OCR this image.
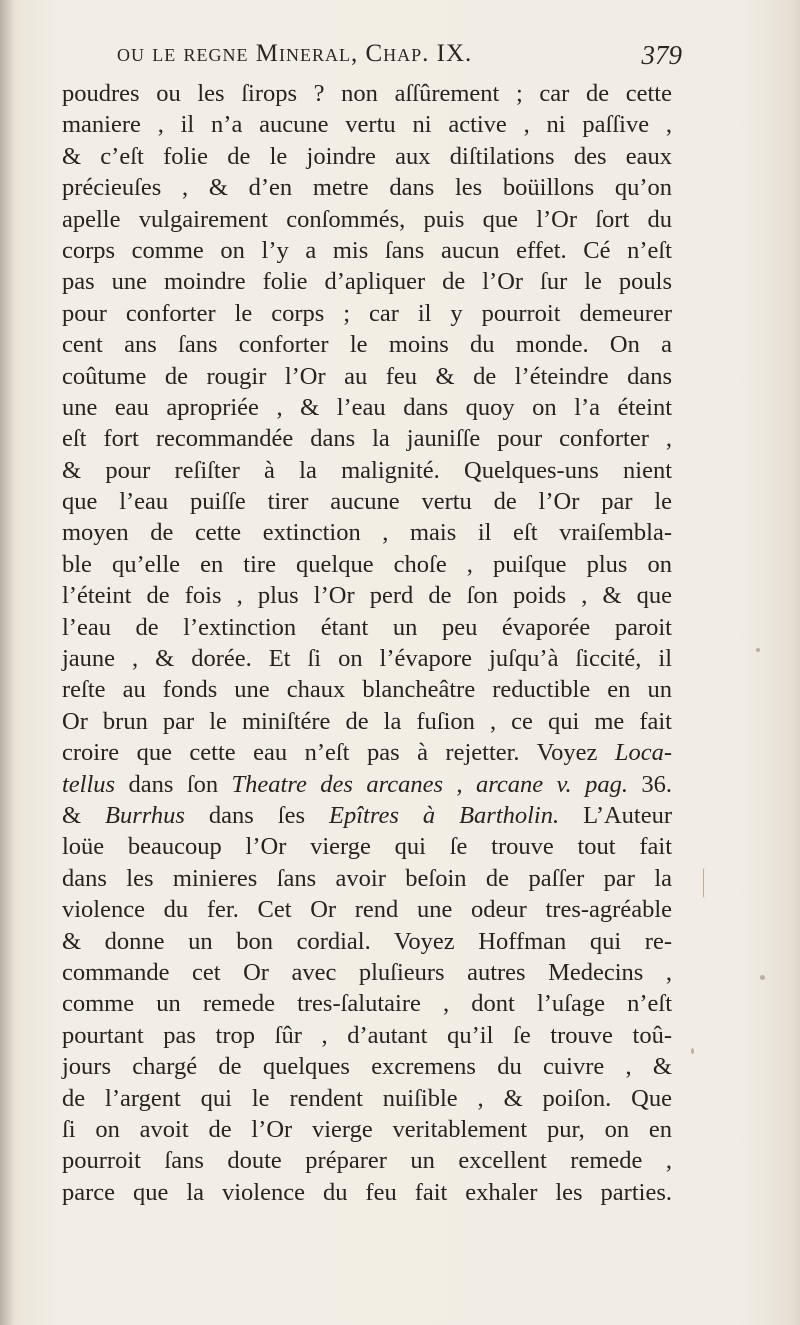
ou le regne Mineral, Chap. IX.	379
poudres ou les ſirops ? non aſſûrement ; car de cette
maniere , il n’a aucune vertu ni active , ni paſſive ,
& c’eſt folie de le joindre aux diſtilations des eaux
précieuſes , & d’en metre dans les boüillons qu’on
apelle vulgairement conſommés, puis que l’Or ſort du
corps comme on l’y a mis ſans aucun effet. Cé n’eſt
pas une moindre folie d’apliquer de l’Or ſur le pouls
pour conforter le corps ; car il y pourroit demeurer
cent ans ſans conforter le moins du monde. On a
coûtume de rougir l’Or au feu & de l’éteindre dans
une eau apropriée , & l’eau dans quoy on l’a éteint
eſt fort recommandée dans la jauniſſe pour conforter ,
& pour reſiſter à la malignité. Quelques-uns nient
que l’eau puiſſe tirer aucune vertu de l’Or par le
moyen de cette extinction , mais il eſt vraiſembla-
ble qu’elle en tire quelque choſe , puiſque plus on
l’éteint de fois , plus l’Or perd de ſon poids , & que
l’eau de l’extinction étant un peu évaporée paroit
jaune , & dorée. Et ſi on l’évapore juſqu’à ſiccité, il
reſte au fonds une chaux blancheâtre reductible en un
Or brun par le miniſtére de la fuſion , ce qui me fait
croire que cette eau n’eſt pas à rejetter. Voyez Loca-
tellus dans ſon Theatre des arcanes , arcane v. pag. 36.
& Burrhus dans ſes Epîtres à Bartholin. L’Auteur
loüe beaucoup l’Or vierge qui ſe trouve tout fait
dans les minieres ſans avoir beſoin de paſſer par la
violence du fer. Cet Or rend une odeur tres-agréable
& donne un bon cordial. Voyez Hoffman qui re-
commande cet Or avec pluſieurs autres Medecins ,
comme un remede tres-ſalutaire , dont l’uſage n’eſt
pourtant pas trop ſûr , d’autant qu’il ſe trouve toû-
jours chargé de quelques excremens du cuivre , &
de l’argent qui le rendent nuiſible , & poiſon. Que
ſi on avoit de l’Or vierge veritablement pur, on en
pourroit ſans doute préparer un excellent remede ,
parce que la violence du feu fait exhaler les parties.
